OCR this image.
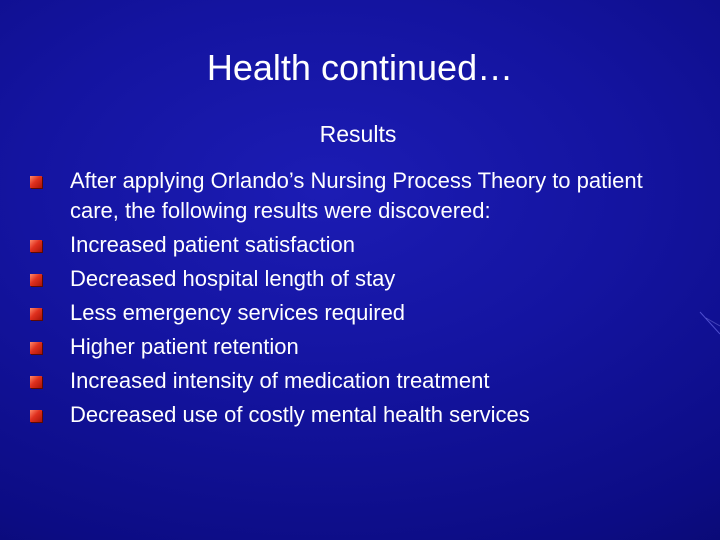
Health continued…
Results
After applying Orlando’s Nursing Process Theory to patient care, the following results were discovered:
Increased patient satisfaction
Decreased hospital length of stay
Less emergency services required
Higher patient retention
Increased intensity of medication treatment
Decreased use of costly mental health services
